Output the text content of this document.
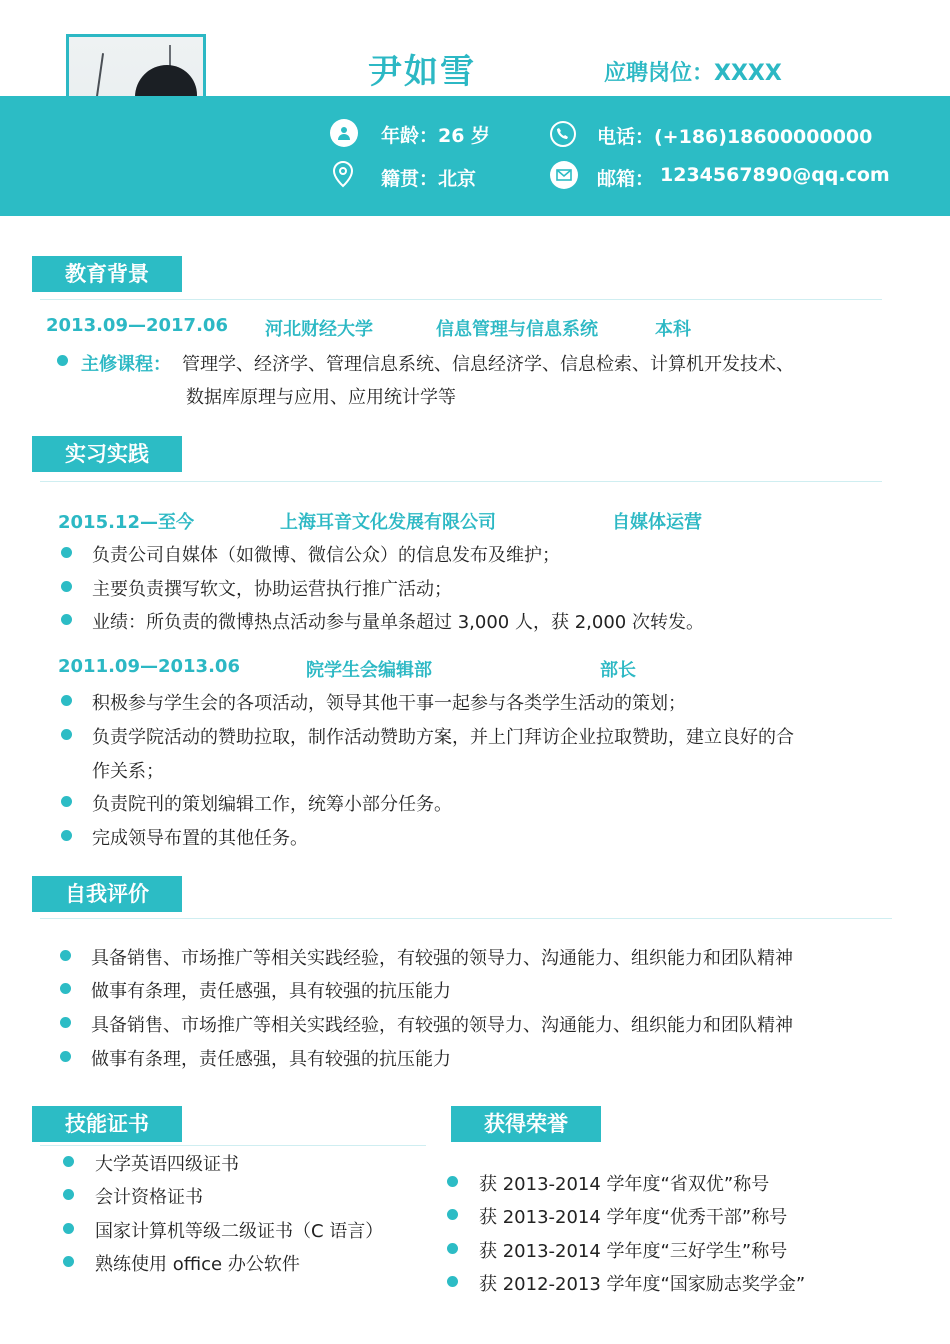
尹如雪	应聘岗位：XXXX
年龄：26 岁	电话：(+186)18600000000
籍贯：北京	邮箱： 1234567890@qq.com
教育背景
2013.09—2017.06 河北财经大学	信息管理与信息系统	本科
主修课程： 管理学、经济学、管理信息系统、信息经济学、信息检索、计算机开发技术、
数据库原理与应用、应用统计学等
实习实践
2015.12—至今	上海耳音文化发展有限公司	自媒体运营
负责公司自媒体（如微博、微信公众）的信息发布及维护；
主要负责撰写软文，协助运营执行推广活动；
业绩：所负责的微博热点活动参与量单条超过 3,000 人，获 2,000 次转发。
2011.09—2013.06	院学生会编辑部	部长
积极参与学生会的各项活动，领导其他干事一起参与各类学生活动的策划；
负责学院活动的赞助拉取，制作活动赞助方案，并上门拜访企业拉取赞助，建立良好的合
作关系；
负责院刊的策划编辑工作，统筹小部分任务。
完成领导布置的其他任务。
自我评价
具备销售、市场推广等相关实践经验，有较强的领导力、沟通能力、组织能力和团队精神
做事有条理，责任感强，具有较强的抗压能力
具备销售、市场推广等相关实践经验，有较强的领导力、沟通能力、组织能力和团队精神
做事有条理，责任感强，具有较强的抗压能力
技能证书
大学英语四级证书
会计资格证书
国家计算机等级二级证书（C 语言）
熟练使用 office 办公软件
获得荣誉
获 2013-2014 学年度“省双优”称号
获 2013-2014 学年度“优秀干部”称号
获 2013-2014 学年度“三好学生”称号
获 2012-2013 学年度“国家励志奖学金”
